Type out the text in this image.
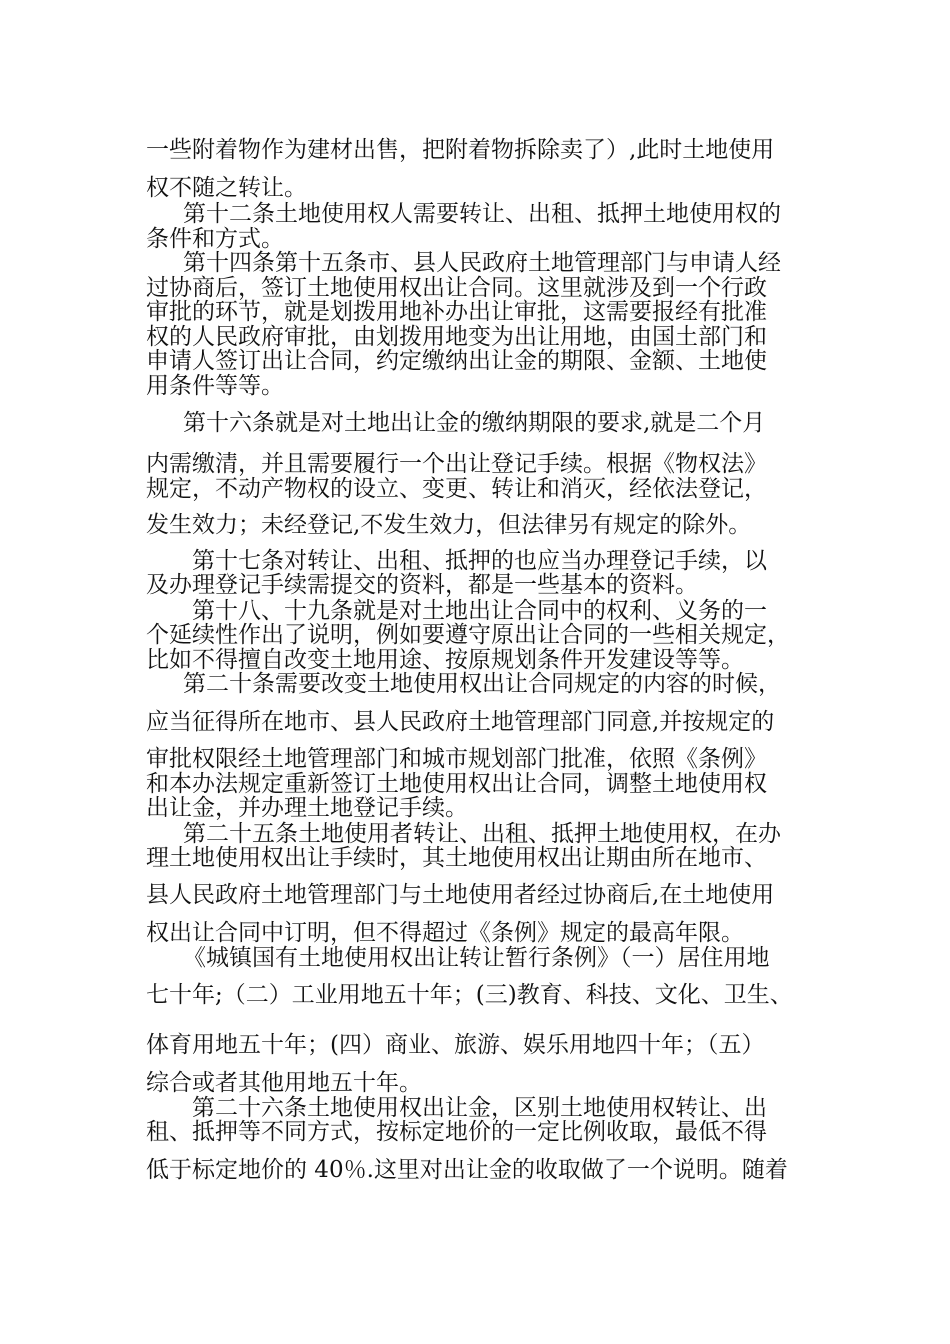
一些附着物作为建材出售，把附着物拆除卖了）,此时土地使用
权不随之转让。
第十二条土地使用权人需要转让、出租、抵押土地使用权的
条件和方式。
第十四条第十五条市、县人民政府土地管理部门与申请人经
过协商后，签订土地使用权出让合同。这里就涉及到一个行政
审批的环节，就是划拨用地补办出让审批，这需要报经有批准
权的人民政府审批，由划拨用地变为出让用地，由国土部门和
申请人签订出让合同，约定缴纳出让金的期限、金额、土地使
用条件等等。
第十六条就是对土地出让金的缴纳期限的要求,就是二个月
内需缴清，并且需要履行一个出让登记手续。根据《物权法》
规定，不动产物权的设立、变更、转让和消灭，经依法登记，
发生效力；未经登记,不发生效力，但法律另有规定的除外。
第十七条对转让、出租、抵押的也应当办理登记手续，以
及办理登记手续需提交的资料，都是一些基本的资料。
第十八、十九条就是对土地出让合同中的权利、义务的一
个延续性作出了说明，例如要遵守原出让合同的一些相关规定，
比如不得擅自改变土地用途、按原规划条件开发建设等等。
第二十条需要改变土地使用权出让合同规定的内容的时候，
应当征得所在地市、县人民政府土地管理部门同意,并按规定的
审批权限经土地管理部门和城市规划部门批准，依照《条例》
和本办法规定重新签订土地使用权出让合同，调整土地使用权
出让金，并办理土地登记手续。
第二十五条土地使用者转让、出租、抵押土地使用权，在办
理土地使用权出让手续时，其土地使用权出让期由所在地市、
县人民政府土地管理部门与土地使用者经过协商后,在土地使用
权出让合同中订明，但不得超过《条例》规定的最高年限。
《城镇国有土地使用权出让转让暂行条例》（一）居住用地
七十年;（二）工业用地五十年；(三)教育、科技、文化、卫生、
体育用地五十年；(四）商业、旅游、娱乐用地四十年；（五）
综合或者其他用地五十年。
第二十六条土地使用权出让金，区别土地使用权转让、出
租、抵押等不同方式，按标定地价的一定比例收取，最低不得
低于标定地价的 40％.这里对出让金的收取做了一个说明。随着
